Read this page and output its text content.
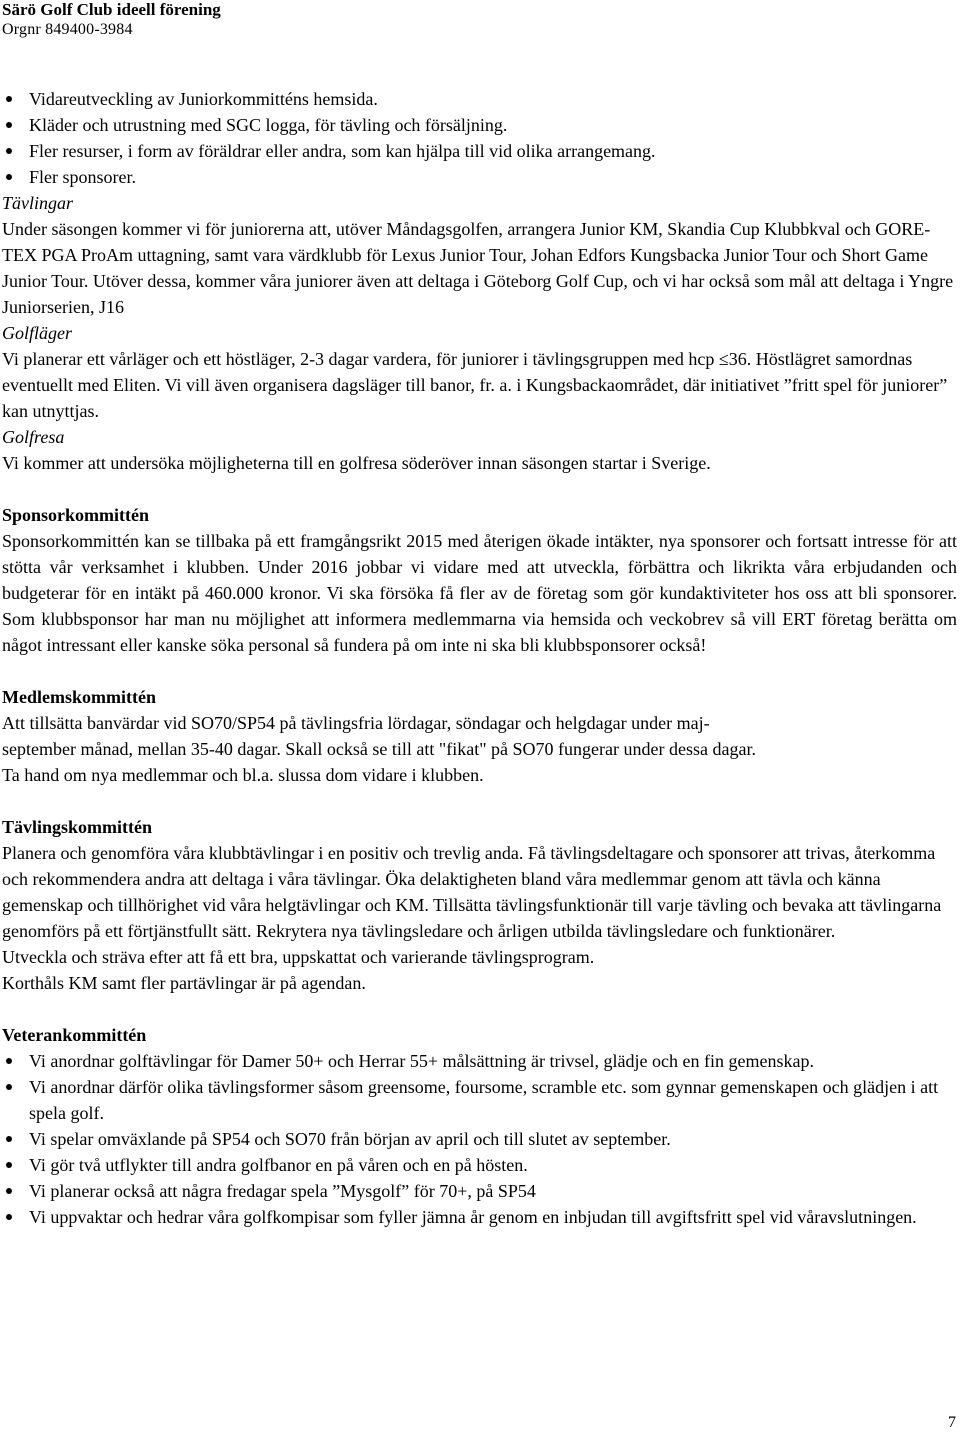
Särö Golf Club ideell förening
Orgnr 849400-3984
Vidareutveckling av Juniorkommitténs hemsida.
Kläder och utrustning med SGC logga, för tävling och försäljning.
Fler resurser, i form av föräldrar eller andra, som kan hjälpa till vid olika arrangemang.
Fler sponsorer.
Tävlingar

Under säsongen kommer vi för juniorerna att, utöver Måndagsgolfen, arrangera Junior KM, Skandia Cup Klubbkval och GORE-TEX PGA ProAm uttagning, samt vara värdklubb för Lexus Junior Tour, Johan Edfors Kungsbacka Junior Tour och Short Game Junior Tour. Utöver dessa, kommer våra juniorer även att deltaga i Göteborg Golf Cup, och vi har också som mål att deltaga i Yngre Juniorserien, J16

Golfläger

Vi planerar ett vårläger och ett höstläger, 2-3 dagar vardera, för juniorer i tävlingsgruppen med hcp ≤36. Höstlägret samordnas eventuellt med Eliten. Vi vill även organisera dagsläger till banor, fr. a. i Kungsbackaområdet, där initiativet ”fritt spel för juniorer” kan utnyttjas.

Golfresa

Vi kommer att undersöka möjligheterna till en golfresa söderöver innan säsongen startar i Sverige.

Sponsorkommittén

Sponsorkommittén kan se tillbaka på ett framgångsrikt 2015 med återigen ökade intäkter, nya sponsorer och fortsatt intresse för att stötta vår verksamhet i klubben. Under 2016 jobbar vi vidare med att utveckla, förbättra och likrikta våra erbjudanden och budgeterar för en intäkt på 460.000 kronor. Vi ska försöka få fler av de företag som gör kundaktiviteter hos oss att bli sponsorer. Som klubbsponsor har man nu möjlighet att informera medlemmarna via hemsida och veckobrev så vill ERT företag berätta om något intressant eller kanske söka personal så fundera på om inte ni ska bli klubbsponsorer också!

Medlemskommittén

Att tillsätta banvärdar vid SO70/SP54 på tävlingsfria lördagar, söndagar och helgdagar under maj-

september månad, mellan 35-40 dagar. Skall också se till att "fikat" på SO70 fungerar under dessa dagar.

Ta hand om nya medlemmar och bl.a. slussa dom vidare i klubben.

Tävlingskommittén

Planera och genomföra våra klubbtävlingar i en positiv och trevlig anda. Få tävlingsdeltagare och sponsorer att trivas, återkomma och rekommendera andra att deltaga i våra tävlingar. Öka delaktigheten bland våra medlemmar genom att tävla och känna gemenskap och tillhörighet vid våra helgtävlingar och KM. Tillsätta tävlingsfunktionär till varje tävling och bevaka att tävlingarna genomförs på ett förtjänstfullt sätt. Rekrytera nya tävlingsledare och årligen utbilda tävlingsledare och funktionärer.

Utveckla och sträva efter att få ett bra, uppskattat och varierande tävlingsprogram.

Korthåls KM samt fler partävlingar är på agendan.

Veterankommittén
Vi anordnar golftävlingar för Damer 50+ och Herrar 55+ målsättning är trivsel, glädje och en fin gemenskap.
Vi anordnar därför olika tävlingsformer såsom greensome, foursome, scramble etc. som gynnar gemenskapen och glädjen i att spela golf.
Vi spelar omväxlande på SP54 och SO70 från början av april och till slutet av september.
Vi gör två utflykter till andra golfbanor en på våren och en på hösten.
Vi planerar också att några fredagar spela ”Mysgolf” för 70+, på SP54
Vi uppvaktar och hedrar våra golfkompisar som fyller jämna år genom en inbjudan till avgiftsfritt spel vid våravslutningen.
7
